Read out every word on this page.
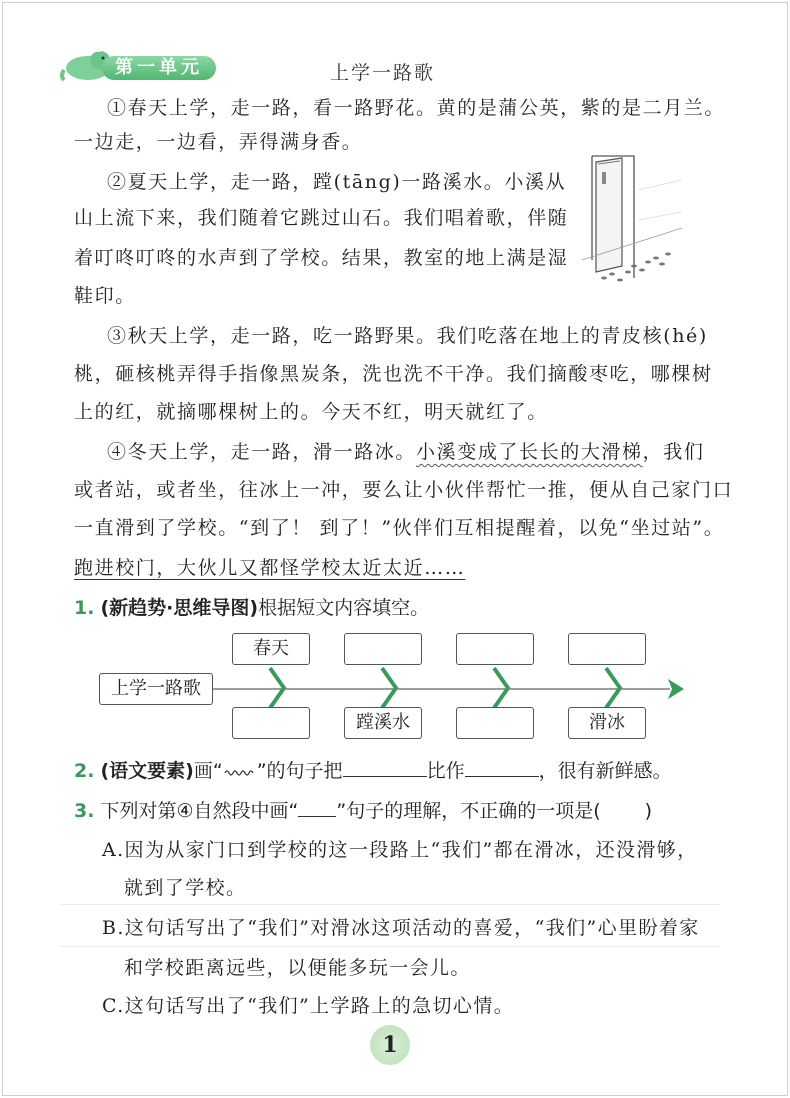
第一单元	上学一路歌
①春天上学，走一路，看一路野花。黄的是蒲公英，紫的是二月兰。
一边走，一边看，弄得满身香。
②夏天上学，走一路，蹚(tāng)一路溪水。小溪从
山上流下来，我们随着它跳过山石。我们唱着歌，伴随
着叮咚叮咚的水声到了学校。结果，教室的地上满是湿
鞋印。
③秋天上学，走一路，吃一路野果。我们吃落在地上的青皮核(hé)
桃，砸核桃弄得手指像黑炭条，洗也洗不干净。我们摘酸枣吃，哪棵树
上的红，就摘哪棵树上的。今天不红，明天就红了。
④冬天上学，走一路，滑一路冰。小溪变成了长长的大滑梯，我们
或者站，或者坐，往冰上一冲，要么让小伙伴帮忙一推，便从自己家门口
一直滑到了学校。“到了！ 到了！”伙伴们互相提醒着，以免“坐过站”。
跑进校门，大伙儿又都怪学校太近太近……
1. (新趋势·思维导图)根据短文内容填空。
上学一路歌
春天
蹚溪水	滑冰
2. (语文要素)画“ ”的句子把	比作	，很有新鲜感。
3. 下列对第④自然段中画“ ”句子的理解，不正确的一项是( )
A.因为从家门口到学校的这一段路上“我们”都在滑冰，还没滑够，
就到了学校。
B.这句话写出了“我们”对滑冰这项活动的喜爱，“我们”心里盼着家
和学校距离远些，以便能多玩一会儿。
C.这句话写出了“我们”上学路上的急切心情。
1
